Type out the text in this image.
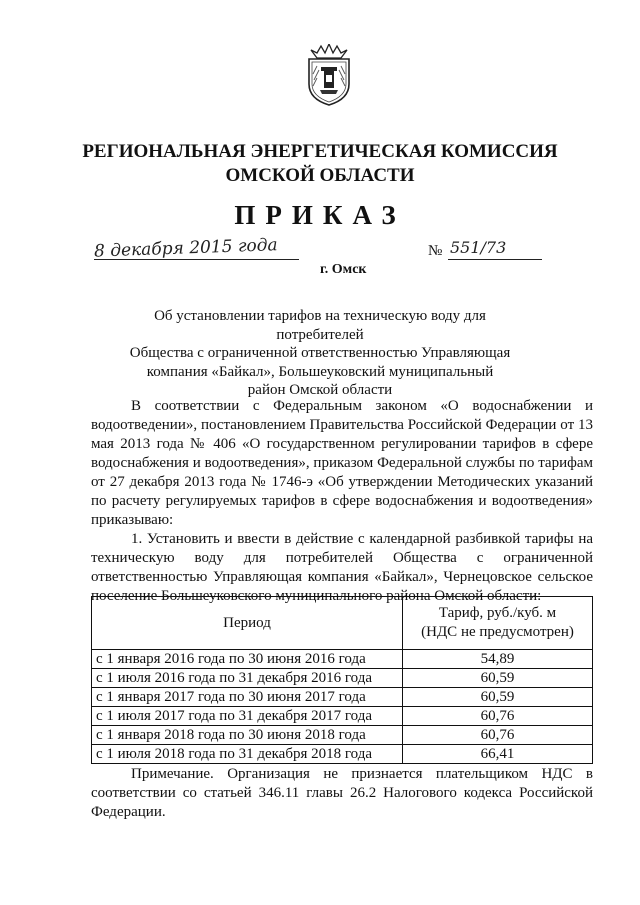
РЕГИОНАЛЬНАЯ ЭНЕРГЕТИЧЕСКАЯ КОМИССИЯ
ОМСКОЙ ОБЛАСТИ
ПРИКАЗ
8 декабря 2015 года	№ 551/73
г. Омск
Об установлении тарифов на техническую воду для потребителей
Общества с ограниченной ответственностью Управляющая
компания «Байкал», Большеуковский муниципальный
район Омской области

В соответствии с Федеральным законом «О водоснабжении и водоотведении», постановлением Правительства Российской Федерации от 13 мая 2013 года № 406 «О государственном регулировании тарифов в сфере водоснабжения и водоотведения», приказом Федеральной службы по тарифам от 27 декабря 2013 года № 1746-э «Об утверждении Методических указаний по расчету регулируемых тарифов в сфере водоснабжения и водоотведения» приказываю:

1. Установить и ввести в действие с календарной разбивкой тарифы на техническую воду для потребителей Общества с ограниченной ответственностью Управляющая компания «Байкал», Чернецовское сельское поселение Большеуковского муниципального района Омской области:

Период	Тариф, руб./куб. м
(НДС не предусмотрен)

с 1 января 2016 года по 30 июня 2016 года	54,89
с 1 июля 2016 года по 31 декабря 2016 года	60,59
с 1 января 2017 года по 30 июня 2017 года	60,59
с 1 июля 2017 года по 31 декабря 2017 года	60,76
с 1 января 2018 года по 30 июня 2018 года	60,76
с 1 июля 2018 года по 31 декабря 2018 года	66,41
Примечание. Организация не признается плательщиком НДС в соответствии со статьей 346.11 главы 26.2 Налогового кодекса Российской Федерации.
